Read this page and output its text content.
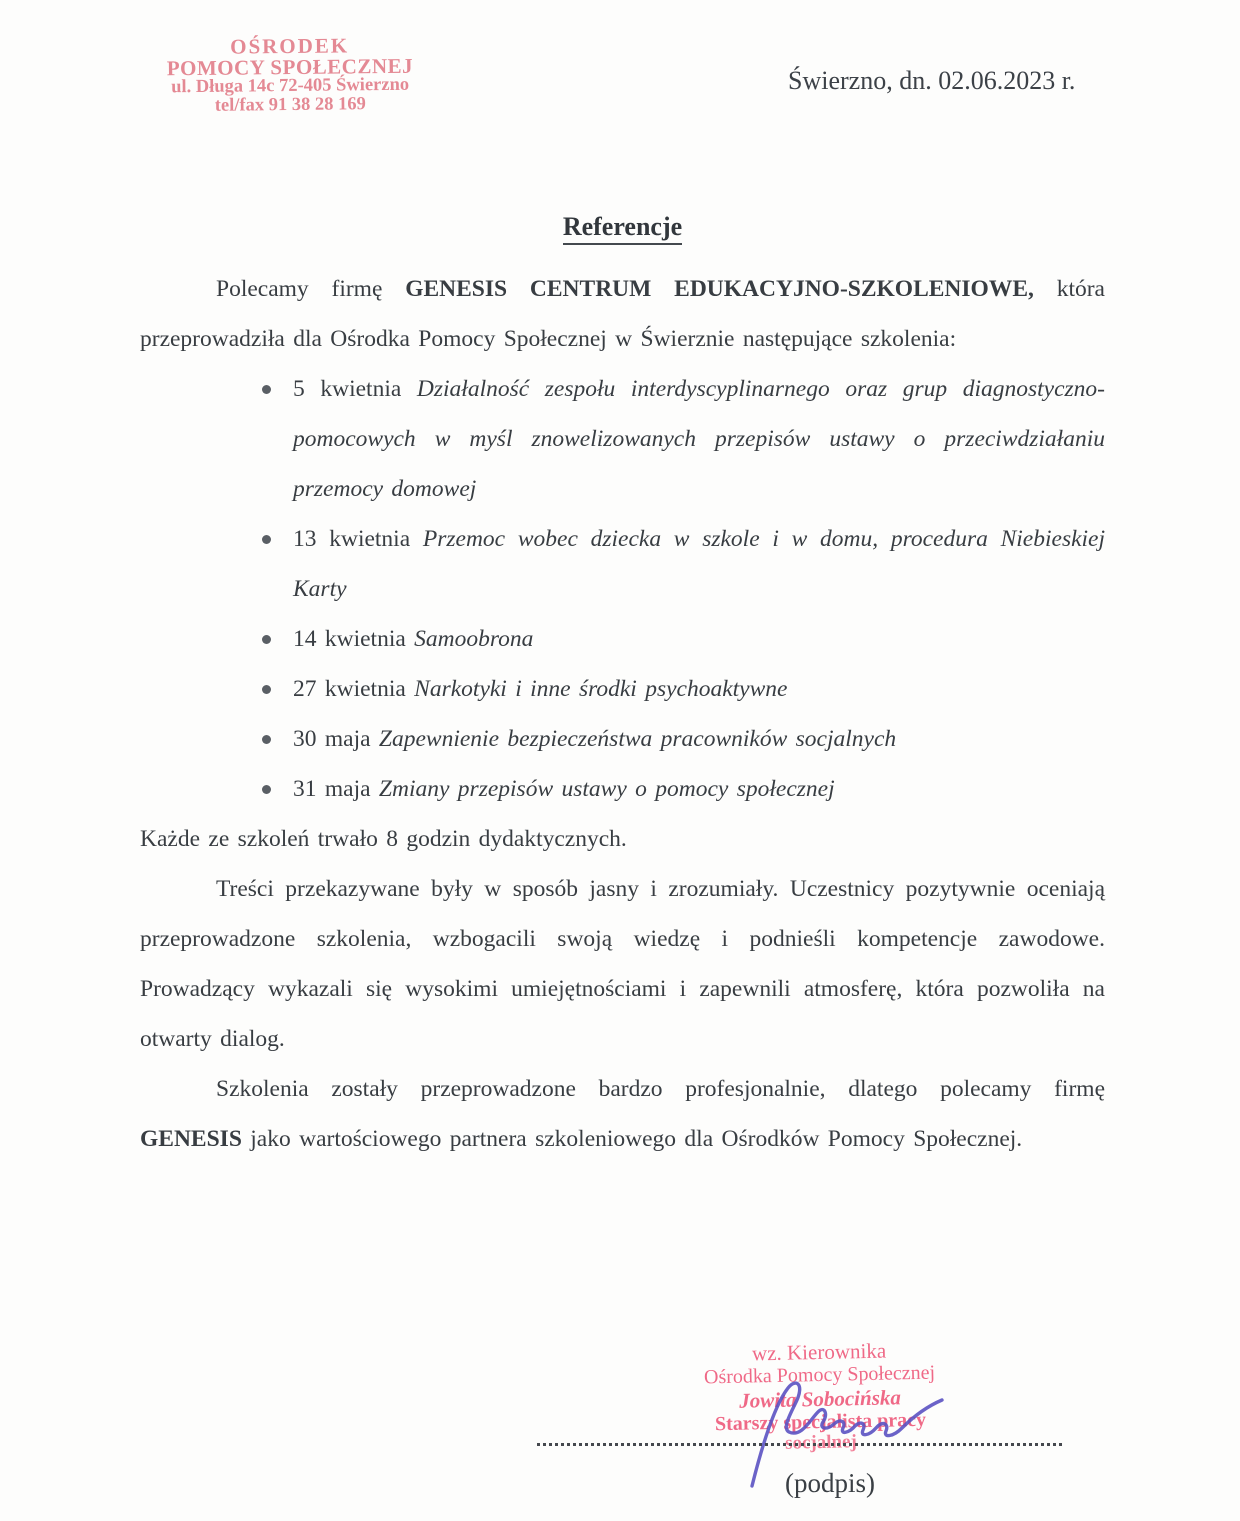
OŚRODEK
POMOCY SPOŁECZNEJ
ul. Długa 14c 72-405 Świerzno
tel/fax 91 38 28 169
Świerzno, dn. 02.06.2023 r.
Referencje

Polecamy firmę GENESIS CENTRUM EDUKACYJNO-SZKOLENIOWE, która przeprowadziła dla Ośrodka Pomocy Społecznej w Świerznie następujące szkolenia:

5 kwietnia Działalność zespołu interdyscyplinarnego oraz grup diagnostyczno-pomocowych w myśl znowelizowanych przepisów ustawy o przeciwdziałaniu przemocy domowej
13 kwietnia Przemoc wobec dziecka w szkole i w domu, procedura Niebieskiej Karty
14 kwietnia Samoobrona
27 kwietnia Narkotyki i inne środki psychoaktywne
30 maja Zapewnienie bezpieczeństwa pracowników socjalnych
31 maja Zmiany przepisów ustawy o pomocy społecznej

Każde ze szkoleń trwało 8 godzin dydaktycznych.

Treści przekazywane były w sposób jasny i zrozumiały. Uczestnicy pozytywnie oceniają przeprowadzone szkolenia, wzbogacili swoją wiedzę i podnieśli kompetencje zawodowe. Prowadzący wykazali się wysokimi umiejętnościami i zapewnili atmosferę, która pozwoliła na otwarty dialog.

Szkolenia zostały przeprowadzone bardzo profesjonalnie, dlatego polecamy firmę GENESIS jako wartościowego partnera szkoleniowego dla Ośrodków Pomocy Społecznej.

wz. Kierownika
Ośrodka Pomocy Społecznej
Jowita Sobocińska
Starszy specjalista pracy
socjalnej
(podpis)
